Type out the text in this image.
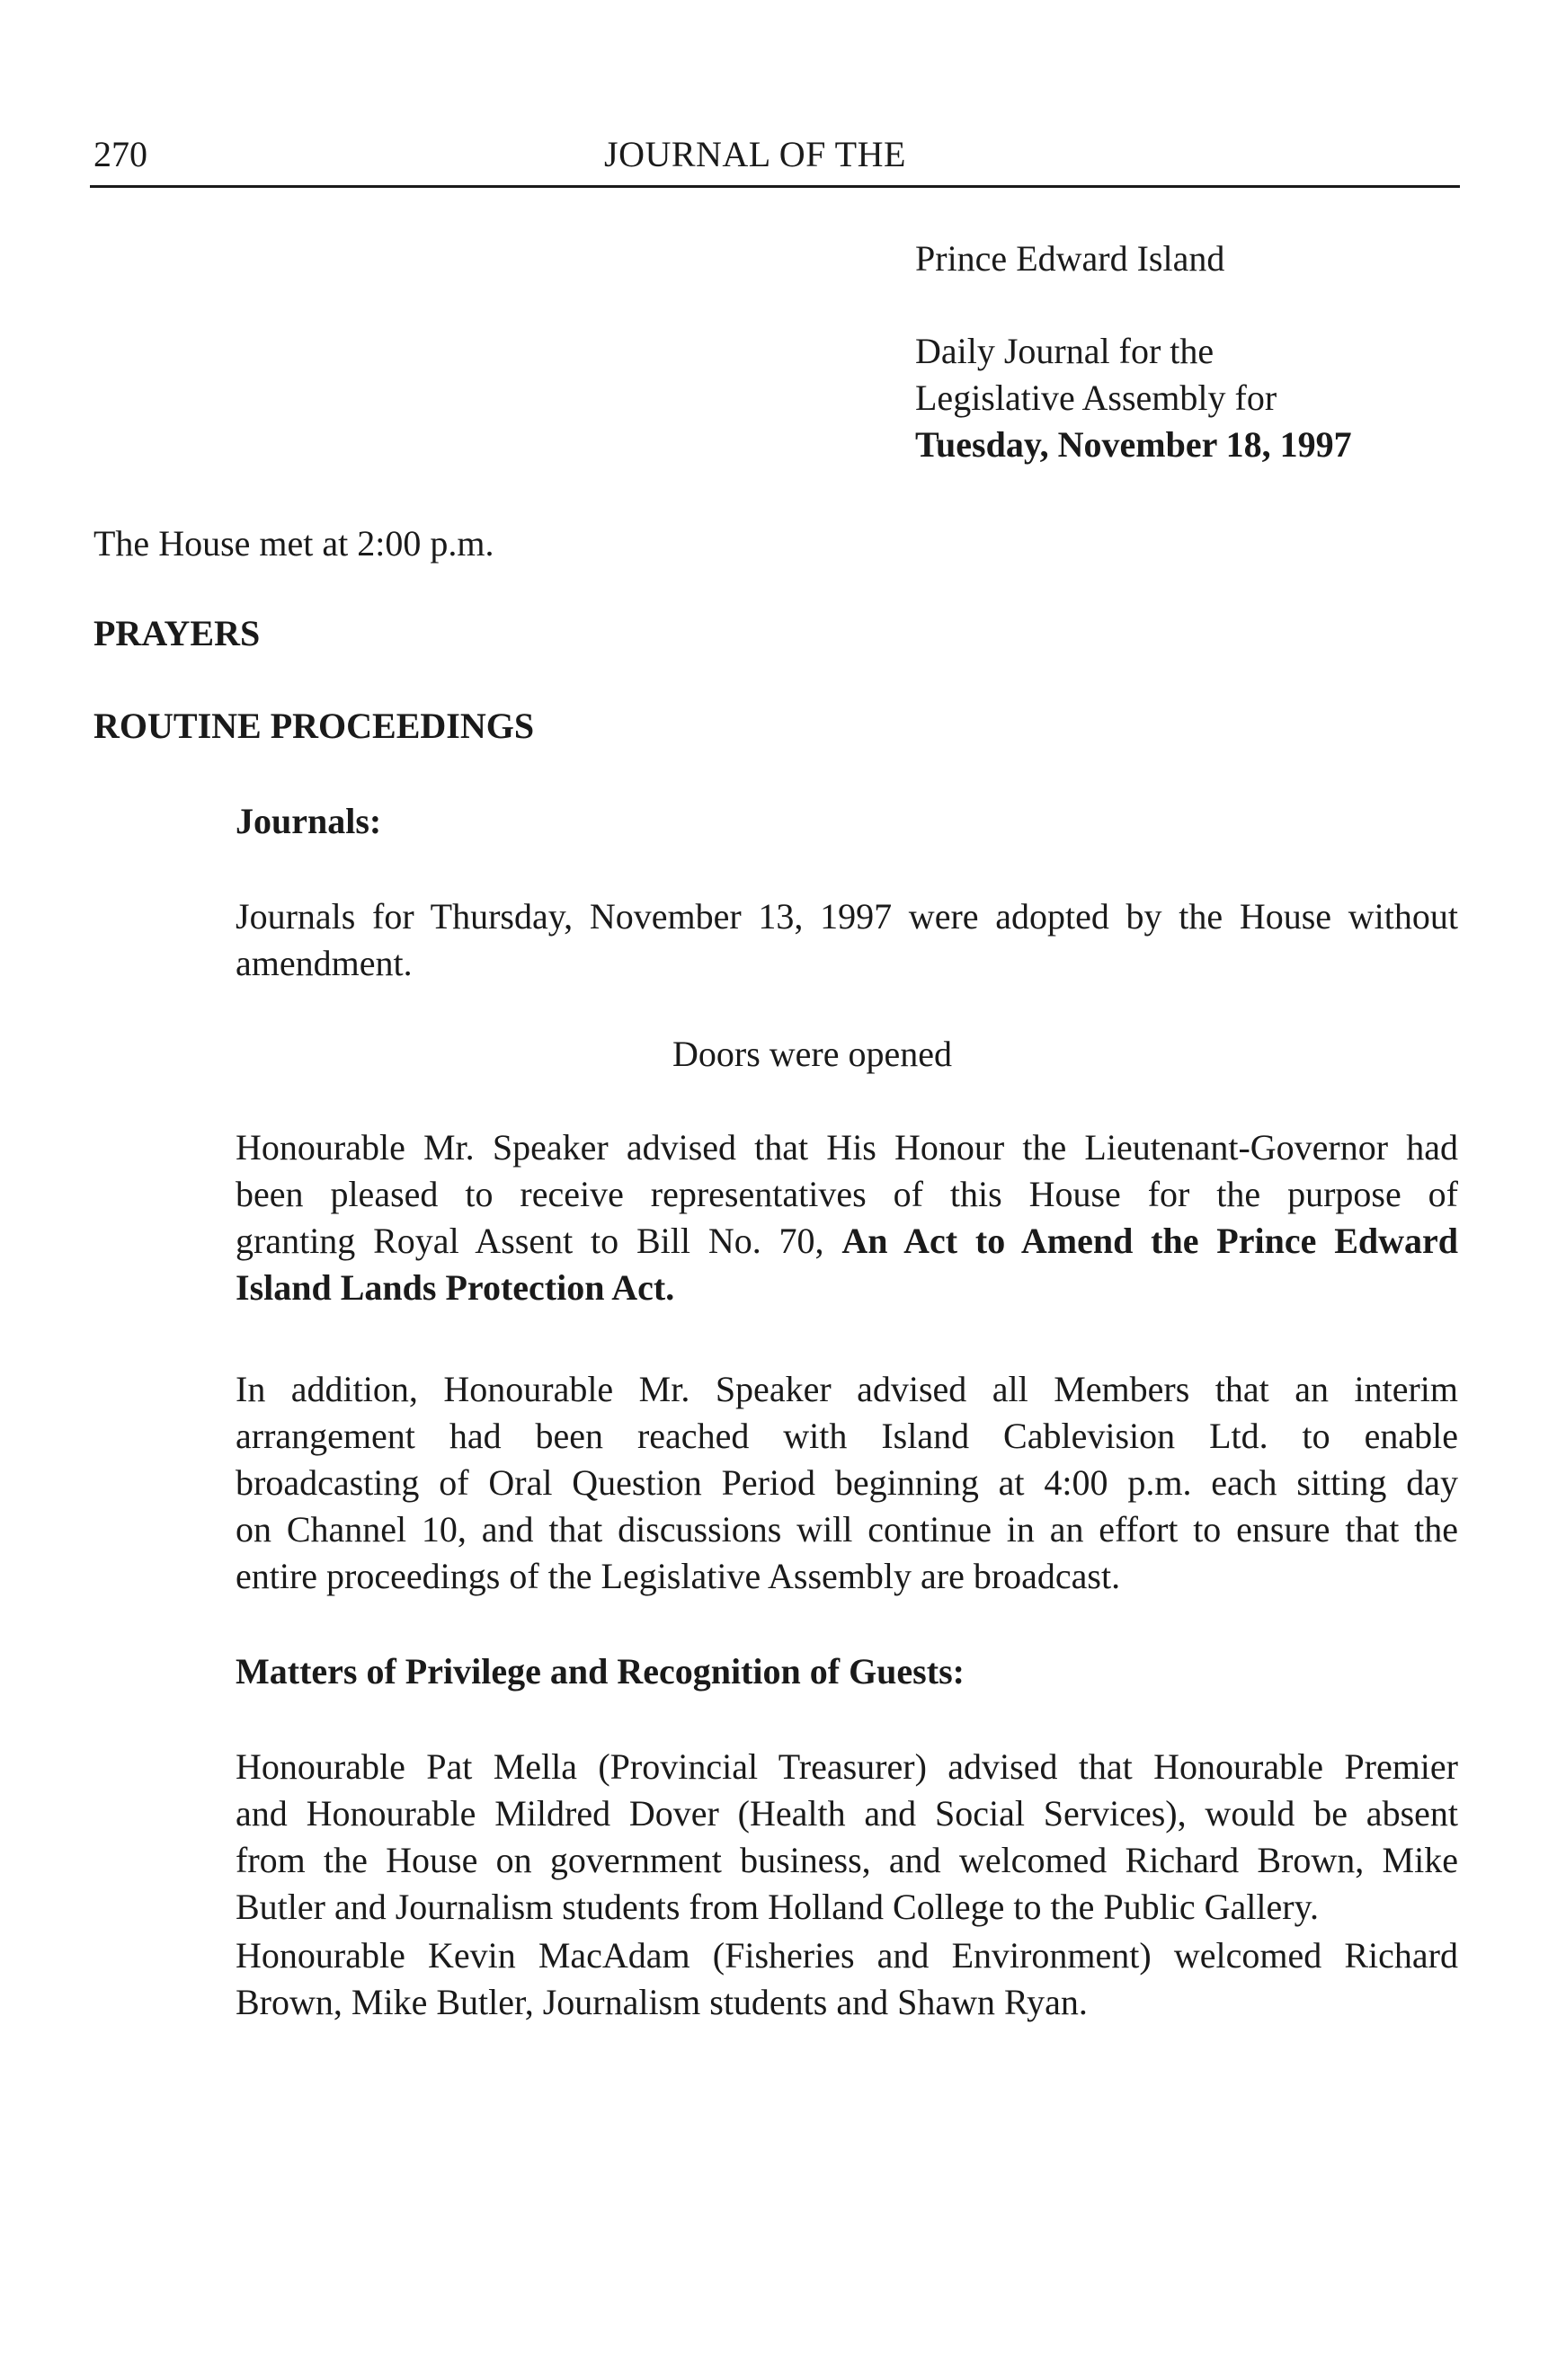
270	JOURNAL OF THE
Prince Edward Island
Daily Journal for the
Legislative Assembly for
Tuesday, November 18, 1997
The House met at 2:00 p.m.
PRAYERS
ROUTINE PROCEEDINGS
Journals:
Journals for Thursday, November 13, 1997 were adopted by the House without
amendment.
Doors were opened
Honourable Mr. Speaker advised that His Honour the Lieutenant-Governor had
been pleased to receive representatives of this House for the purpose of
granting Royal Assent to Bill No. 70, An Act to Amend the Prince Edward
Island Lands Protection Act.
In addition, Honourable Mr. Speaker advised all Members that an interim
arrangement had been reached with Island Cablevision Ltd. to enable
broadcasting of Oral Question Period beginning at 4:00 p.m. each sitting day
on Channel 10, and that discussions will continue in an effort to ensure that the
entire proceedings of the Legislative Assembly are broadcast.
Matters of Privilege and Recognition of Guests:
Honourable Pat Mella (Provincial Treasurer) advised that Honourable Premier
and Honourable Mildred Dover (Health and Social Services), would be absent
from the House on government business, and welcomed Richard Brown, Mike
Butler and Journalism students from Holland College to the Public Gallery.
Honourable Kevin MacAdam (Fisheries and Environment) welcomed Richard
Brown, Mike Butler, Journalism students and Shawn Ryan.
